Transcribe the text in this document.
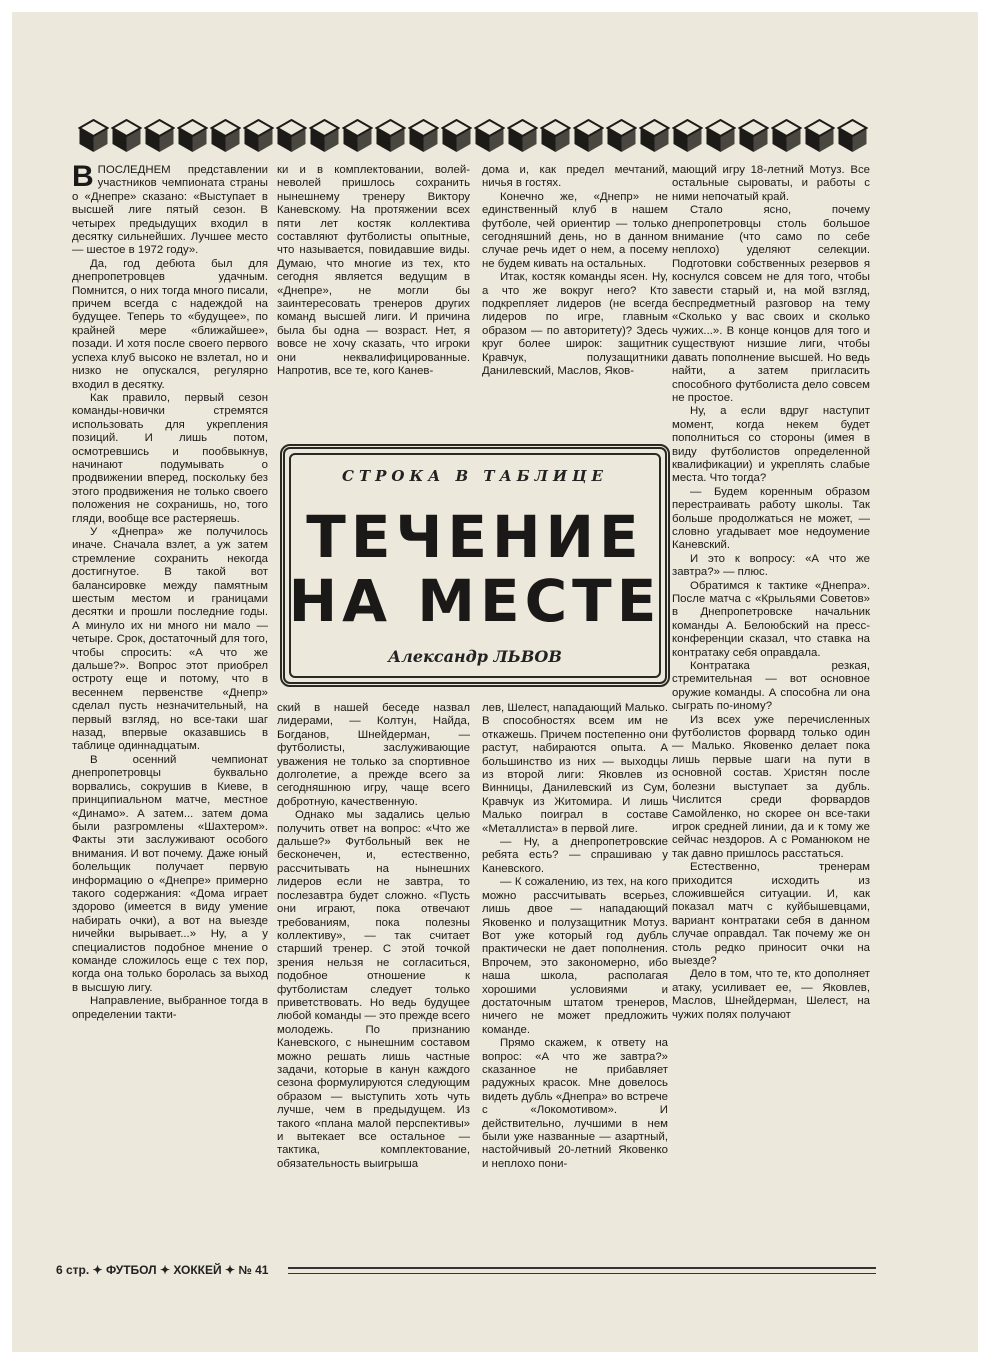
В ПОСЛЕДНЕМ представлении участников чемпионата страны о «Днепре» сказано: «Выступает в высшей лиге пятый сезон. В четырех предыдущих входил в десятку сильнейших. Лучшее место — шестое в 1972 году».

Да, год дебюта был для днепропетровцев удачным. Помнится, о них тогда много писали, причем всегда с надеждой на будущее. Теперь то «будущее», по крайней мере «ближайшее», позади. И хотя после своего первого успеха клуб высоко не взлетал, но и низко не опускался, регулярно входил в десятку.

Как правило, первый сезон команды-новички стремятся использовать для укрепления позиций. И лишь потом, осмотревшись и пообвыкнув, начинают подумывать о продвижении вперед, поскольку без этого продвижения не только своего положения не сохранишь, но, того гляди, вообще все растеряешь.

У «Днепра» же получилось иначе. Сначала взлет, а уж затем стремление сохранить некогда достигнутое. В такой вот балансировке между памятным шестым местом и границами десятки и прошли последние годы. А минуло их ни много ни мало — четыре. Срок, достаточный для того, чтобы спросить: «А что же дальше?». Вопрос этот приобрел остроту еще и потому, что в весеннем первенстве «Днепр» сделал пусть незначительный, на первый взгляд, но все-таки шаг назад, впервые оказавшись в таблице одиннадцатым.

В осенний чемпионат днепропетровцы буквально ворвались, сокрушив в Киеве, в принципиальном матче, местное «Динамо». А затем... затем дома были разгромлены «Шахтером». Факты эти заслуживают особого внимания. И вот почему. Даже юный болельщик получает первую информацию о «Днепре» примерно такого содержания: «Дома играет здорово (имеется в виду умение набирать очки), а вот на выезде ничейки вырывает...» Ну, а у специалистов подобное мнение о команде сложилось еще с тех пор, когда она только боролась за выход в высшую лигу.

Направление, выбранное тогда в определении такти-

ки и в комплектовании, волей-неволей пришлось сохранить нынешнему тренеру Виктору Каневскому. На протяжении всех пяти лет костяк коллектива составляют футболисты опытные, что называется, повидавшие виды. Думаю, что многие из тех, кто сегодня является ведущим в «Днепре», не могли бы заинтересовать тренеров других команд высшей лиги. И причина была бы одна — возраст. Нет, я вовсе не хочу сказать, что игроки они неквалифицированные. Напротив, все те, кого Канев-

дома и, как предел мечтаний, ничья в гостях.

Конечно же, «Днепр» не единственный клуб в нашем футболе, чей ориентир — только сегодняшний день, но в данном случае речь идет о нем, а посему не будем кивать на остальных.

Итак, костяк команды ясен. Ну, а что же вокруг него? Кто подкрепляет лидеров (не всегда лидеров по игре, главным образом — по авторитету)? Здесь круг более широк: защитник Кравчук, полузащитники Данилевский, Маслов, Яков-

СТРОКА В ТАБЛИЦЕ
ТЕЧЕНИЕ
НА МЕСТЕ
Александр ЛЬВОВ

ский в нашей беседе назвал лидерами, — Колтун, Найда, Богданов, Шнейдерман, — футболисты, заслуживающие уважения не только за спортивное долголетие, а прежде всего за сегодняшнюю игру, чаще всего добротную, качественную.

Однако мы задались целью получить ответ на вопрос: «Что же дальше?» Футбольный век не бесконечен, и, естественно, рассчитывать на нынешних лидеров если не завтра, то послезавтра будет сложно. «Пусть они играют, пока отвечают требованиям, пока полезны коллективу», — так считает старший тренер. С этой точкой зрения нельзя не согласиться, подобное отношение к футболистам следует только приветствовать. Но ведь будущее любой команды — это прежде всего молодежь. По признанию Каневского, с нынешним составом можно решать лишь частные задачи, которые в канун каждого сезона формулируются следующим образом — выступить хоть чуть лучше, чем в предыдущем. Из такого «плана малой перспективы» и вытекает все остальное — тактика, комплектование, обязательность выигрыша

лев, Шелест, нападающий Малько. В способностях всем им не откажешь. Причем постепенно они растут, набираются опыта. А большинство из них — выходцы из второй лиги: Яковлев из Винницы, Данилевский из Сум, Кравчук из Житомира. И лишь Малько поиграл в составе «Металлиста» в первой лиге.

— Ну, а днепропетровские ребята есть? — спрашиваю у Каневского.

— К сожалению, из тех, на кого можно рассчитывать всерьез, лишь двое — нападающий Яковенко и полузащитник Мотуз. Вот уже который год дубль практически не дает пополнения. Впрочем, это закономерно, ибо наша школа, располагая хорошими условиями и достаточным штатом тренеров, ничего не может предложить команде.

Прямо скажем, к ответу на вопрос: «А что же завтра?» сказанное не прибавляет радужных красок. Мне довелось видеть дубль «Днепра» во встрече с «Локомотивом». И действительно, лучшими в нем были уже названные — азартный, настойчивый 20-летний Яковенко и неплохо пони-

мающий игру 18-летний Мотуз. Все остальные сыроваты, и работы с ними непочатый край.

Стало ясно, почему днепропетровцы столь большое внимание (что само по себе неплохо) уделяют селекции. Подготовки собственных резервов я коснулся совсем не для того, чтобы завести старый и, на мой взгляд, беспредметный разговор на тему «Сколько у вас своих и сколько чужих...». В конце концов для того и существуют низшие лиги, чтобы давать пополнение высшей. Но ведь найти, а затем пригласить способного футболиста дело совсем не простое.

Ну, а если вдруг наступит момент, когда некем будет пополниться со стороны (имея в виду футболистов определенной квалификации) и укреплять слабые места. Что тогда?

— Будем коренным образом перестраивать работу школы. Так больше продолжаться не может, — словно угадывает мое недоумение Каневский.

И это к вопросу: «А что же завтра?» — плюс.

Обратимся к тактике «Днепра». После матча с «Крыльями Советов» в Днепропетровске начальник команды А. Белоюбский на пресс-конференции сказал, что ставка на контратаку себя оправдала.

Контратака резкая, стремительная — вот основное оружие команды. А способна ли она сыграть по-иному?

Из всех уже перечисленных футболистов форвард только один — Малько. Яковенко делает пока лишь первые шаги на пути в основной состав. Христян после болезни выступает за дубль. Числится среди форвардов Самойленко, но скорее он все-таки игрок средней линии, да и к тому же сейчас нездоров. А с Романюком не так давно пришлось расстаться.

Естественно, тренерам приходится исходить из сложившейся ситуации. И, как показал матч с куйбышевцами, вариант контратаки себя в данном случае оправдал. Так почему же он столь редко приносит очки на выезде?

Дело в том, что те, кто дополняет атаку, усиливает ее, — Яковлев, Маслов, Шнейдерман, Шелест, на чужих полях получают

6 стр. ✦ ФУТБОЛ ✦ ХОККЕЙ ✦ № 41
